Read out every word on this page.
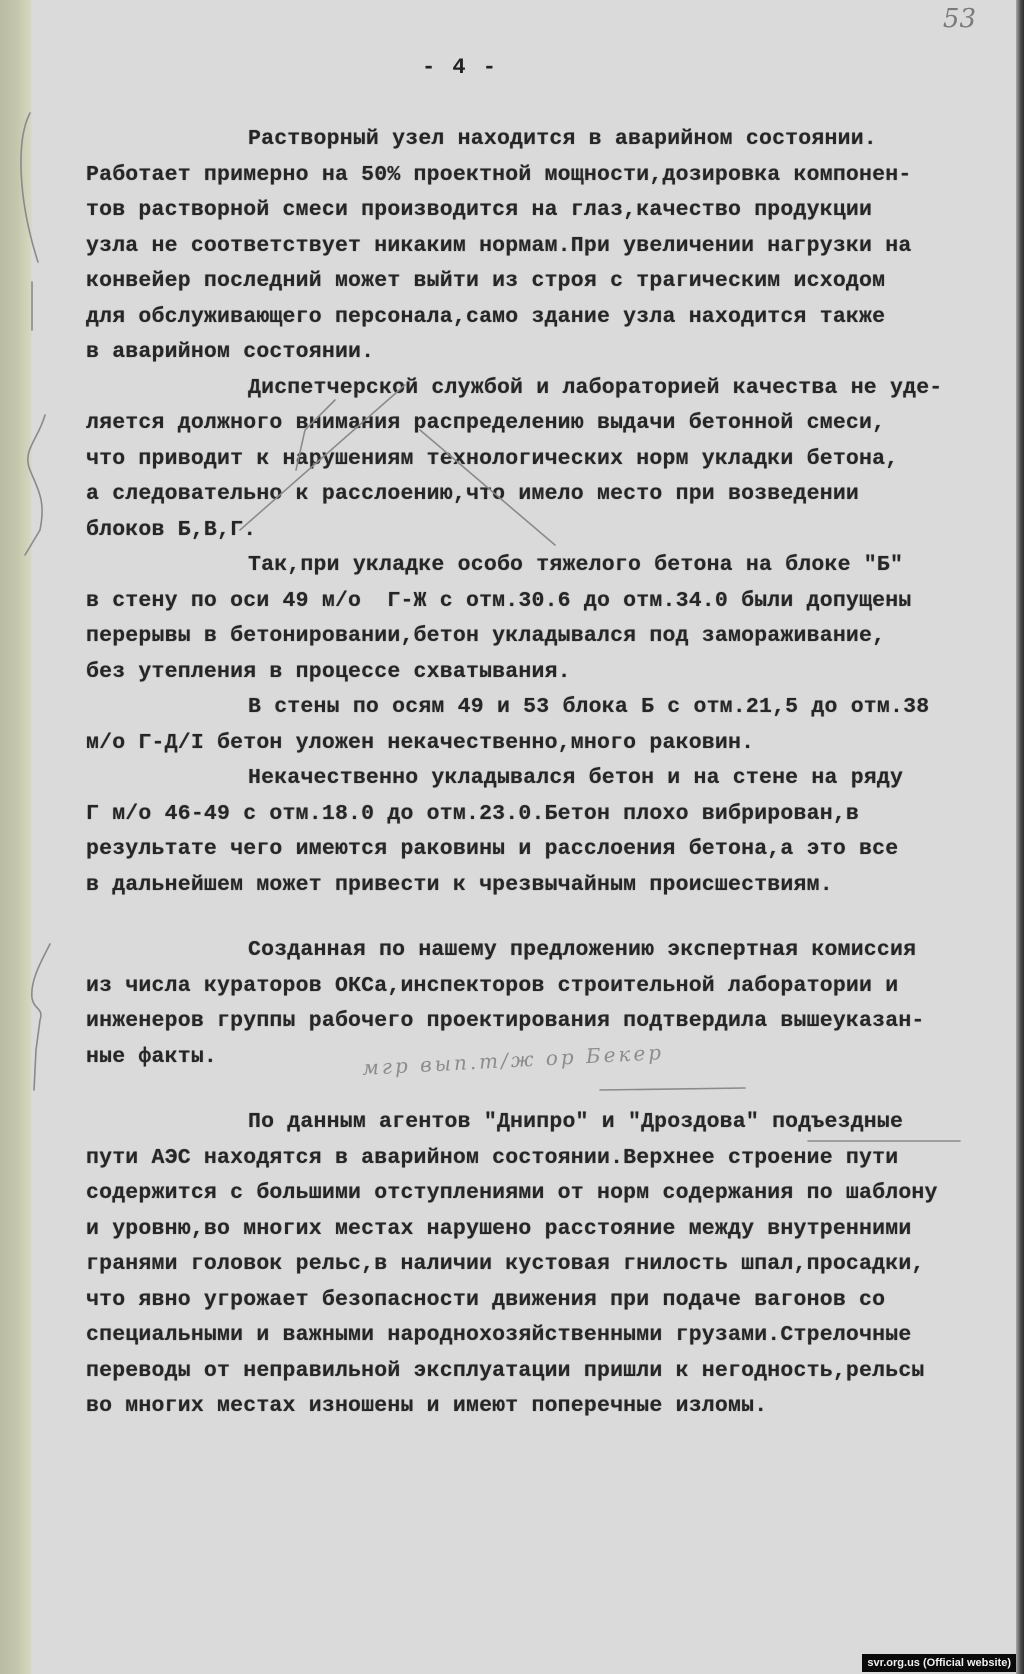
- 4 -
53
Растворный узел находится в аварийном состоянии.
Работает примерно на 50% проектной мощности,дозировка компонен-
тов растворной смеси производится на глаз,качество продукции
узла не соответствует никаким нормам.При увеличении нагрузки на
конвейер последний может выйти из строя с трагическим исходом
для обслуживающего персонала,само здание узла находится также
в аварийном состоянии.
Диспетчерской службой и лабораторией качества не уде-
ляется должного внимания распределению выдачи бетонной смеси,
что приводит к нарушениям технологических норм укладки бетона,
а следовательно к расслоению,что имело место при возведении
блоков Б,В,Г.
Так,при укладке особо тяжелого бетона на блоке "Б"
в стену по оси 49 м/о  Г-Ж с отм.30.6 до отм.34.0 были допущены
перерывы в бетонировании,бетон укладывался под замораживание,
без утепления в процессе схватывания.
В стены по осям 49 и 53 блока Б с отм.21,5 до отм.38
м/о Г-Д/I бетон уложен некачественно,много раковин.
Некачественно укладывался бетон и на стене на ряду
Г м/о 46-49 с отм.18.0 до отм.23.0.Бетон плохо вибрирован,в
результате чего имеются раковины и расслоения бетона,а это все
в дальнейшем может привести к чрезвычайным происшествиям.
Созданная по нашему предложению экспертная комиссия
из числа кураторов ОКСа,инспекторов строительной лаборатории и
инженеров группы рабочего проектирования подтвердила вышеуказан-
ные факты.
По данным агентов "Днипро" и "Дроздова" подъездные
пути АЭС находятся в аварийном состоянии.Верхнее строение пути
содержится с большими отступлениями от норм содержания по шаблону
и уровню,во многих местах нарушено расстояние между внутренними
гранями головок рельс,в наличии кустовая гнилость шпал,просадки,
что явно угрожает безопасности движения при подаче вагонов со
специальными и важными народнохозяйственными грузами.Стрелочные
переводы от неправильной эксплуатации пришли к негодность,рельсы
во многих местах изношены и имеют поперечные изломы.
мгр вып.т/ж ор Бекер
svr.org.us (Official website)
